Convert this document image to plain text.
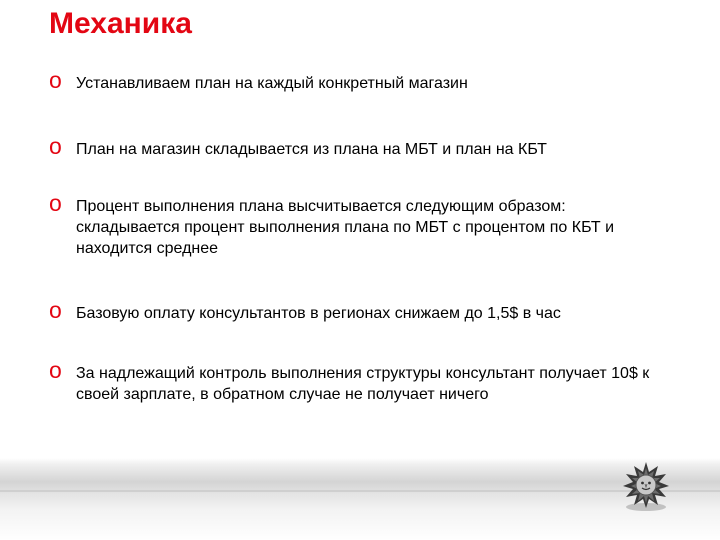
Механика
o Устанавливаем план на каждый конкретный магазин
o План на магазин складывается из плана на МБТ и план на КБТ
o Процент выполнения плана высчитывается следующим образом: складывается процент выполнения плана по МБТ с процентом по КБТ и находится среднее
o Базовую оплату консультантов в регионах снижаем до 1,5$ в час
o За надлежащий контроль выполнения структуры консультант получает 10$ к своей зарплате, в обратном случае не получает ничего
